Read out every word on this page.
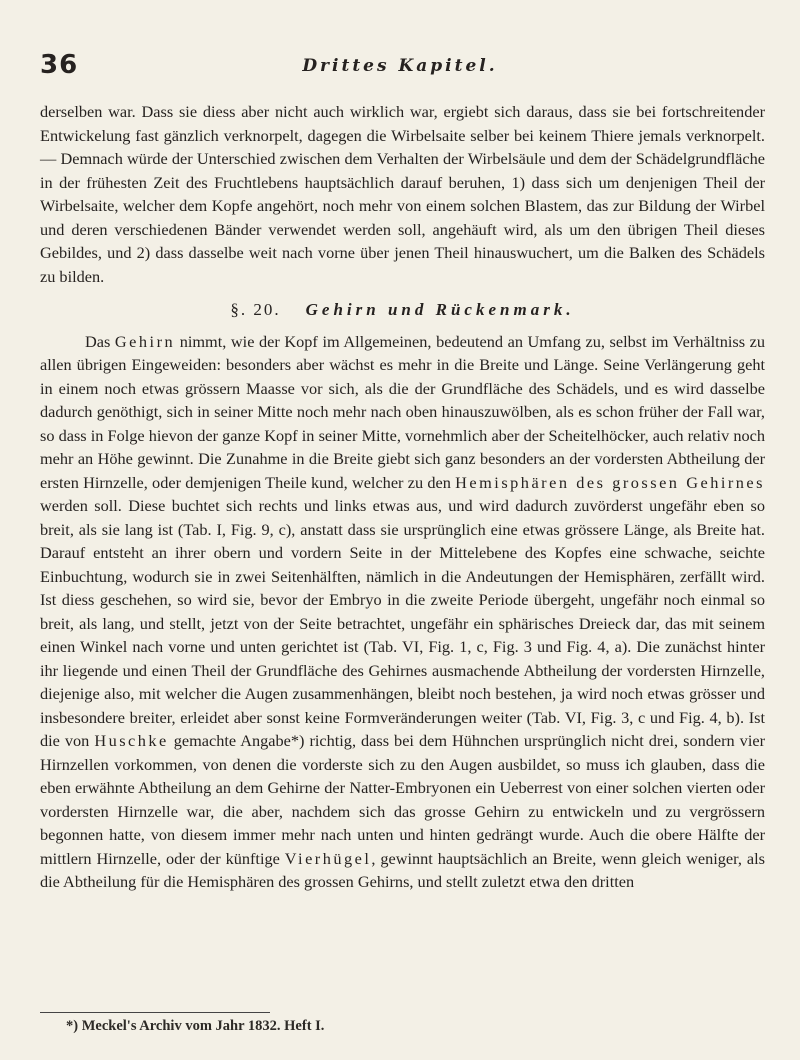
36	Drittes Kapitel.

derselben war. Dass sie diess aber nicht auch wirklich war, ergiebt sich daraus, dass sie bei fortschreitender Entwickelung fast gänzlich verknorpelt, dagegen die Wirbelsaite selber bei keinem Thiere jemals verknorpelt. — Demnach würde der Unterschied zwischen dem Verhalten der Wirbelsäule und dem der Schädelgrundfläche in der frühesten Zeit des Fruchtlebens hauptsächlich darauf beruhen, 1) dass sich um denjenigen Theil der Wirbelsaite, welcher dem Kopfe angehört, noch mehr von einem solchen Blastem, das zur Bildung der Wirbel und deren verschiedenen Bänder verwendet werden soll, angehäuft wird, als um den übrigen Theil dieses Gebildes, und 2) dass dasselbe weit nach vorne über jenen Theil hinauswuchert, um die Balken des Schädels zu bilden.

§. 20. Gehirn und Rückenmark.

Das Gehirn nimmt, wie der Kopf im Allgemeinen, bedeutend an Umfang zu, selbst im Verhältniss zu allen übrigen Eingeweiden: besonders aber wächst es mehr in die Breite und Länge. Seine Verlängerung geht in einem noch etwas grössern Maasse vor sich, als die der Grundfläche des Schädels, und es wird dasselbe dadurch genöthigt, sich in seiner Mitte noch mehr nach oben hinauszuwölben, als es schon früher der Fall war, so dass in Folge hievon der ganze Kopf in seiner Mitte, vornehmlich aber der Scheitelhöcker, auch relativ noch mehr an Höhe gewinnt. Die Zunahme in die Breite giebt sich ganz besonders an der vordersten Abtheilung der ersten Hirnzelle, oder demjenigen Theile kund, welcher zu den Hemisphären des grossen Gehirnes werden soll. Diese buchtet sich rechts und links etwas aus, und wird dadurch zuvörderst ungefähr eben so breit, als sie lang ist (Tab. I, Fig. 9, c), anstatt dass sie ursprünglich eine etwas grössere Länge, als Breite hat. Darauf entsteht an ihrer obern und vordern Seite in der Mittelebene des Kopfes eine schwache, seichte Einbuchtung, wodurch sie in zwei Seitenhälften, nämlich in die Andeutungen der Hemisphären, zerfällt wird. Ist diess geschehen, so wird sie, bevor der Embryo in die zweite Periode übergeht, ungefähr noch einmal so breit, als lang, und stellt, jetzt von der Seite betrachtet, ungefähr ein sphärisches Dreieck dar, das mit seinem einen Winkel nach vorne und unten gerichtet ist (Tab. VI, Fig. 1, c, Fig. 3 und Fig. 4, a). Die zunächst hinter ihr liegende und einen Theil der Grundfläche des Gehirnes ausmachende Abtheilung der vordersten Hirnzelle, diejenige also, mit welcher die Augen zusammenhängen, bleibt noch bestehen, ja wird noch etwas grösser und insbesondere breiter, erleidet aber sonst keine Formveränderungen weiter (Tab. VI, Fig. 3, c und Fig. 4, b). Ist die von Huschke gemachte Angabe*) richtig, dass bei dem Hühnchen ursprünglich nicht drei, sondern vier Hirnzellen vorkommen, von denen die vorderste sich zu den Augen ausbildet, so muss ich glauben, dass die eben erwähnte Abtheilung an dem Gehirne der Natter-Embryonen ein Ueberrest von einer solchen vierten oder vordersten Hirnzelle war, die aber, nachdem sich das grosse Gehirn zu entwickeln und zu vergrössern begonnen hatte, von diesem immer mehr nach unten und hinten gedrängt wurde. Auch die obere Hälfte der mittlern Hirnzelle, oder der künftige Vierhügel, gewinnt hauptsächlich an Breite, wenn gleich weniger, als die Abtheilung für die Hemisphären des grossen Gehirns, und stellt zuletzt etwa den dritten

*) Meckel's Archiv vom Jahr 1832. Heft I.
